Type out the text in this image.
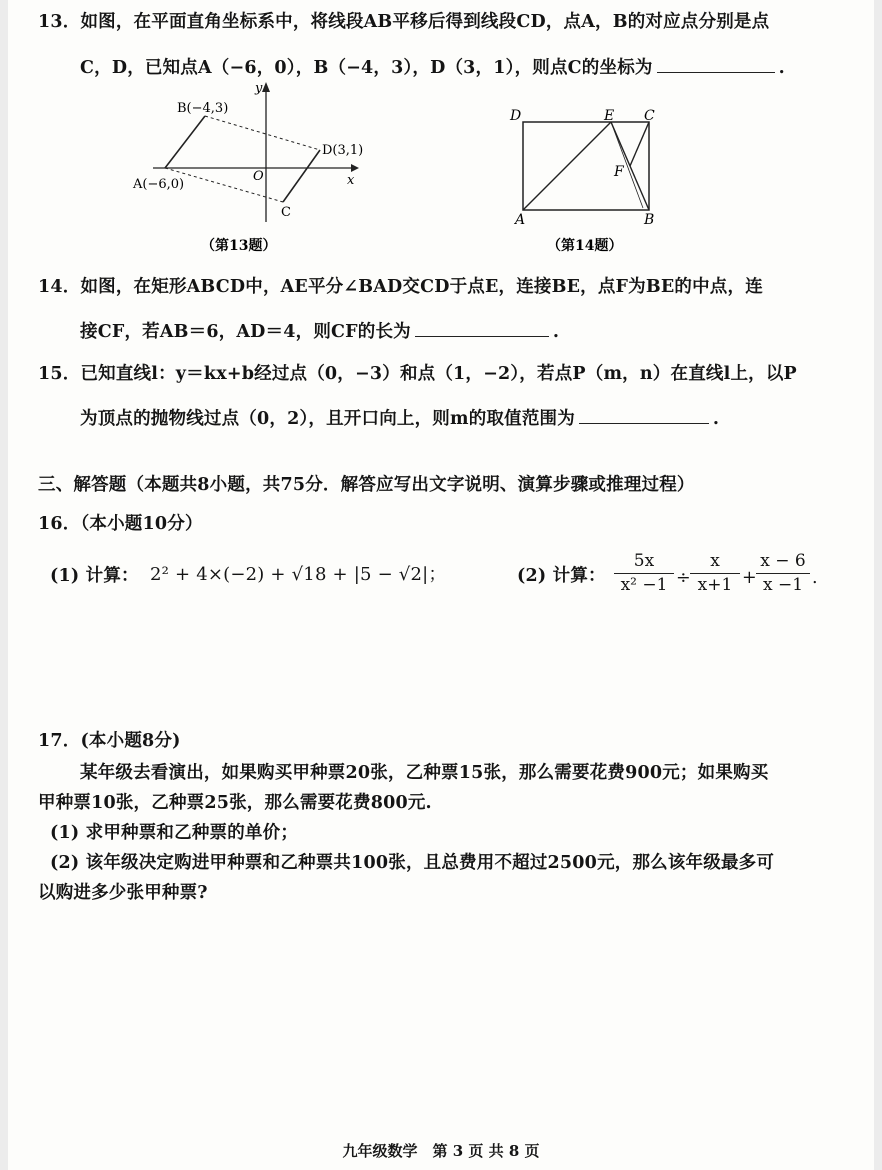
13．如图，在平面直角坐标系中，将线段AB平移后得到线段CD，点A，B的对应点分别是点
C，D，已知点A（−6，0），B（−4，3），D（3，1），则点C的坐标为	.
B(−4,3)
A(−6,0)
D(3,1)
C
O	x
y
（第13题）
D	E C
F
A	B
（第14题）
14．如图，在矩形ABCD中，AE平分∠BAD交CD于点E，连接BE，点F为BE的中点，连
接CF，若AB＝6，AD＝4，则CF的长为	.
15．已知直线l：y＝kx+b经过点（0，−3）和点（1，−2），若点P（m，n）在直线l上，以P
为顶点的抛物线过点（0，2），且开口向上，则m的取值范围为	.
三、解答题（本题共8小题，共75分．解答应写出文字说明、演算步骤或推理过程）
16．（本小题10分）
(1) 计算： 2² + 4×(−2) + √18 + |5 − √2|；	(2) 计算：
5x
x² −1 ÷
x
x+1 +
x − 6
x −1 .
17．(本小题8分)
某年级去看演出，如果购买甲种票20张，乙种票15张，那么需要花费900元；如果购买
甲种票10张，乙种票25张，那么需要花费800元.
(1) 求甲种票和乙种票的单价；
(2) 该年级决定购进甲种票和乙种票共100张，且总费用不超过2500元，那么该年级最多可
以购进多少张甲种票?
九年级数学　第 3 页 共 8 页
